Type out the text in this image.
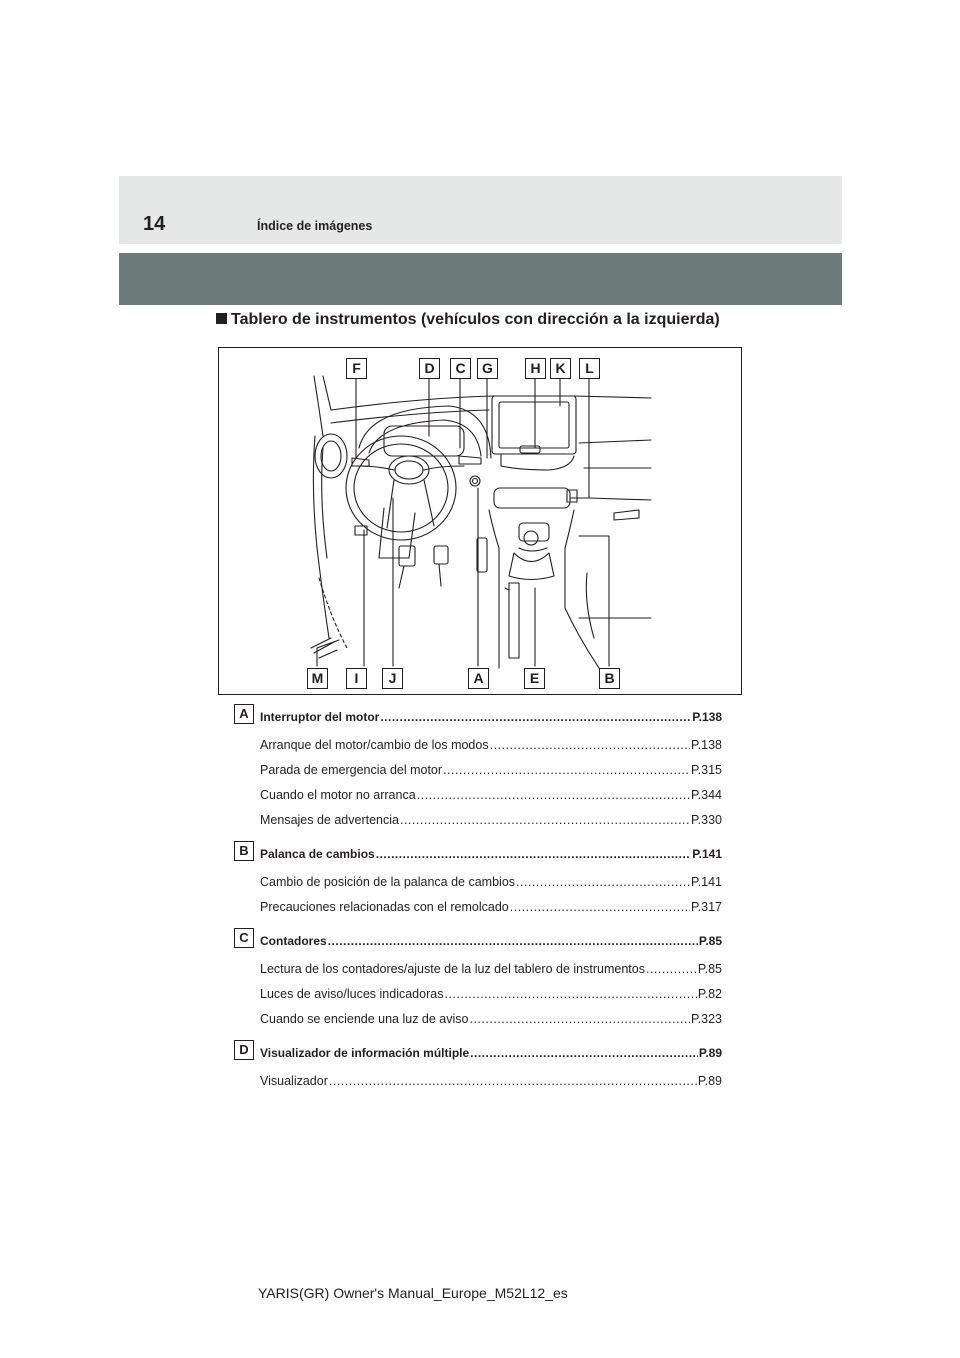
14	Índice de imágenes
Tablero de instrumentos (vehículos con dirección a la izquierda)
F	D	C	G	H	K	L
M	I	J	A	E	B
A Interruptor del motor .....	P.138
Arranque del motor/cambio de los modos .....	P.138
Parada de emergencia del motor .....	P.315
Cuando el motor no arranca .....	P.344
Mensajes de advertencia .....	P.330
B Palanca de cambios .....	P.141
Cambio de posición de la palanca de cambios .....	P.141
Precauciones relacionadas con el remolcado .....	P.317
C Contadores .....	P.85
Lectura de los contadores/ajuste de la luz del tablero de instrumentos .....	P.85
Luces de aviso/luces indicadoras .....	P.82
Cuando se enciende una luz de aviso .....	P.323
D Visualizador de información múltiple .....	P.89
Visualizador .....	P.89
YARIS(GR) Owner's Manual_Europe_M52L12_es
